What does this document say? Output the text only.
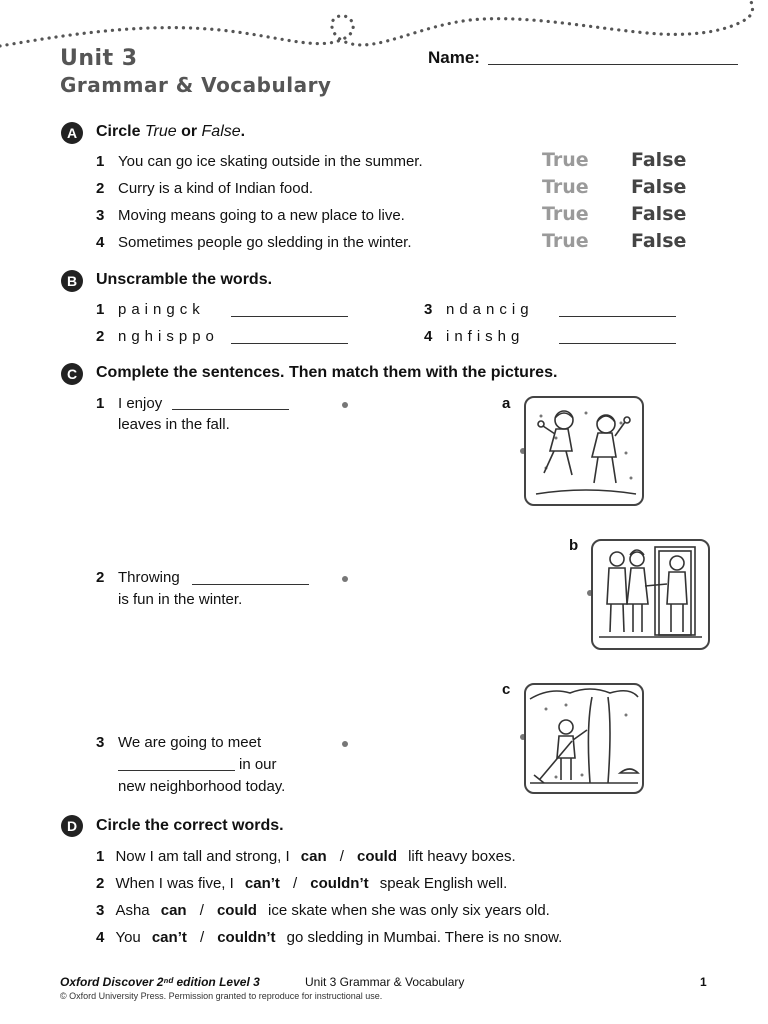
Unit 3
Grammar & Vocabulary
Name:
A	Circle True or False.
1 You can go ice skating outside in the summer.	True False
2 Curry is a kind of Indian food.	True False
3 Moving means going to a new place to live.	True False
4 Sometimes people go sledding in the winter.	True False
B	Unscramble the words.
1 paingck
2 nghisppo
3 ndancig
4 infishg
C	Complete the sentences. Then match them with the pictures.
1 I enjoy
leaves in the fall.
2 Throwing
is fun in the winter.
3 We are going to meet
in our
new neighborhood today.
a
b
c
D	Circle the correct words.
1 Now I am tall and strong, I can / could lift heavy boxes.
2 When I was five, I can’t / couldn’t speak English well.
3 Asha can / could ice skate when she was only six years old.
4 You can’t / couldn’t go sledding in Mumbai. There is no snow.
Oxford Discover 2ⁿᵈ edition Level 3	Unit 3 Grammar & Vocabulary	1
© Oxford University Press. Permission granted to reproduce for instructional use.
